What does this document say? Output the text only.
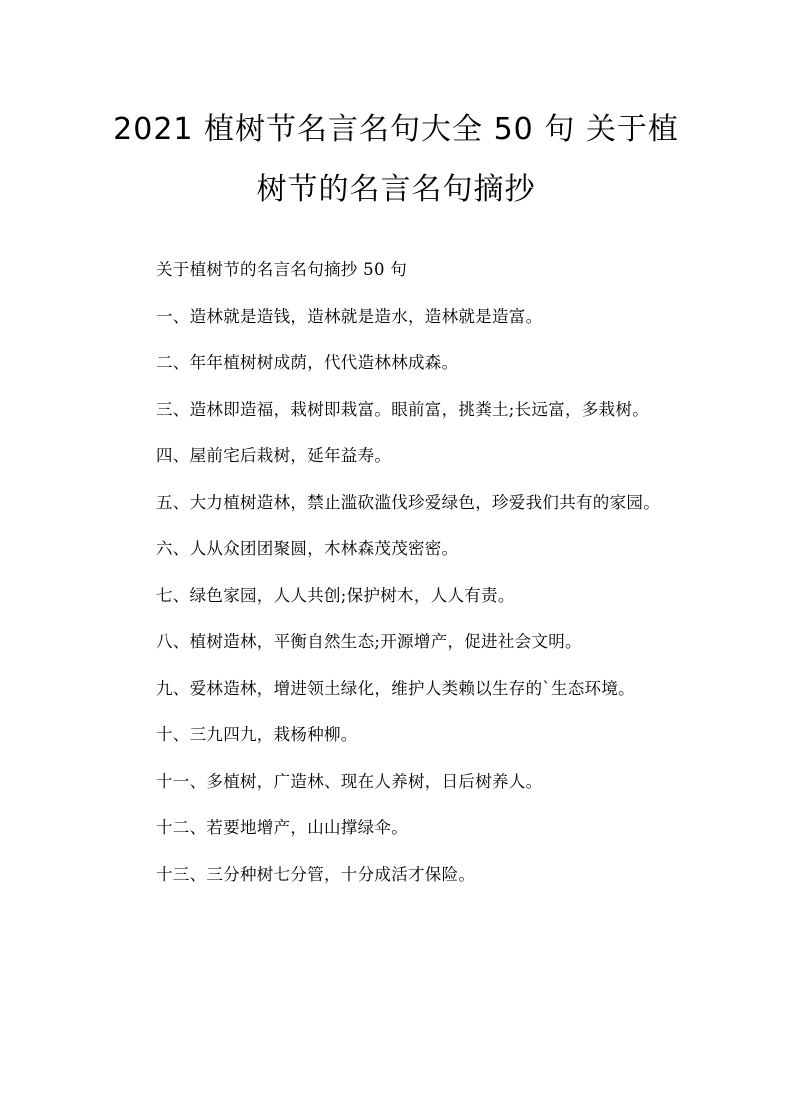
2021 植树节名言名句大全 50 句 关于植树节的名言名句摘抄

关于植树节的名言名句摘抄 50 句

一、造林就是造钱，造林就是造水，造林就是造富。

二、年年植树树成荫，代代造林林成森。

三、造林即造福，栽树即栽富。眼前富，挑粪土;长远富，多栽树。

四、屋前宅后栽树，延年益寿。

五、大力植树造林，禁止滥砍滥伐珍爱绿色，珍爱我们共有的家园。

六、人从众团团聚圆，木林森茂茂密密。

七、绿色家园，人人共创;保护树木，人人有责。

八、植树造林，平衡自然生态;开源增产，促进社会文明。

九、爱林造林，增进领土绿化，维护人类赖以生存的`生态环境。

十、三九四九，栽杨种柳。

十一、多植树，广造林、现在人养树，日后树养人。

十二、若要地增产，山山撑绿伞。

十三、三分种树七分管，十分成活才保险。
